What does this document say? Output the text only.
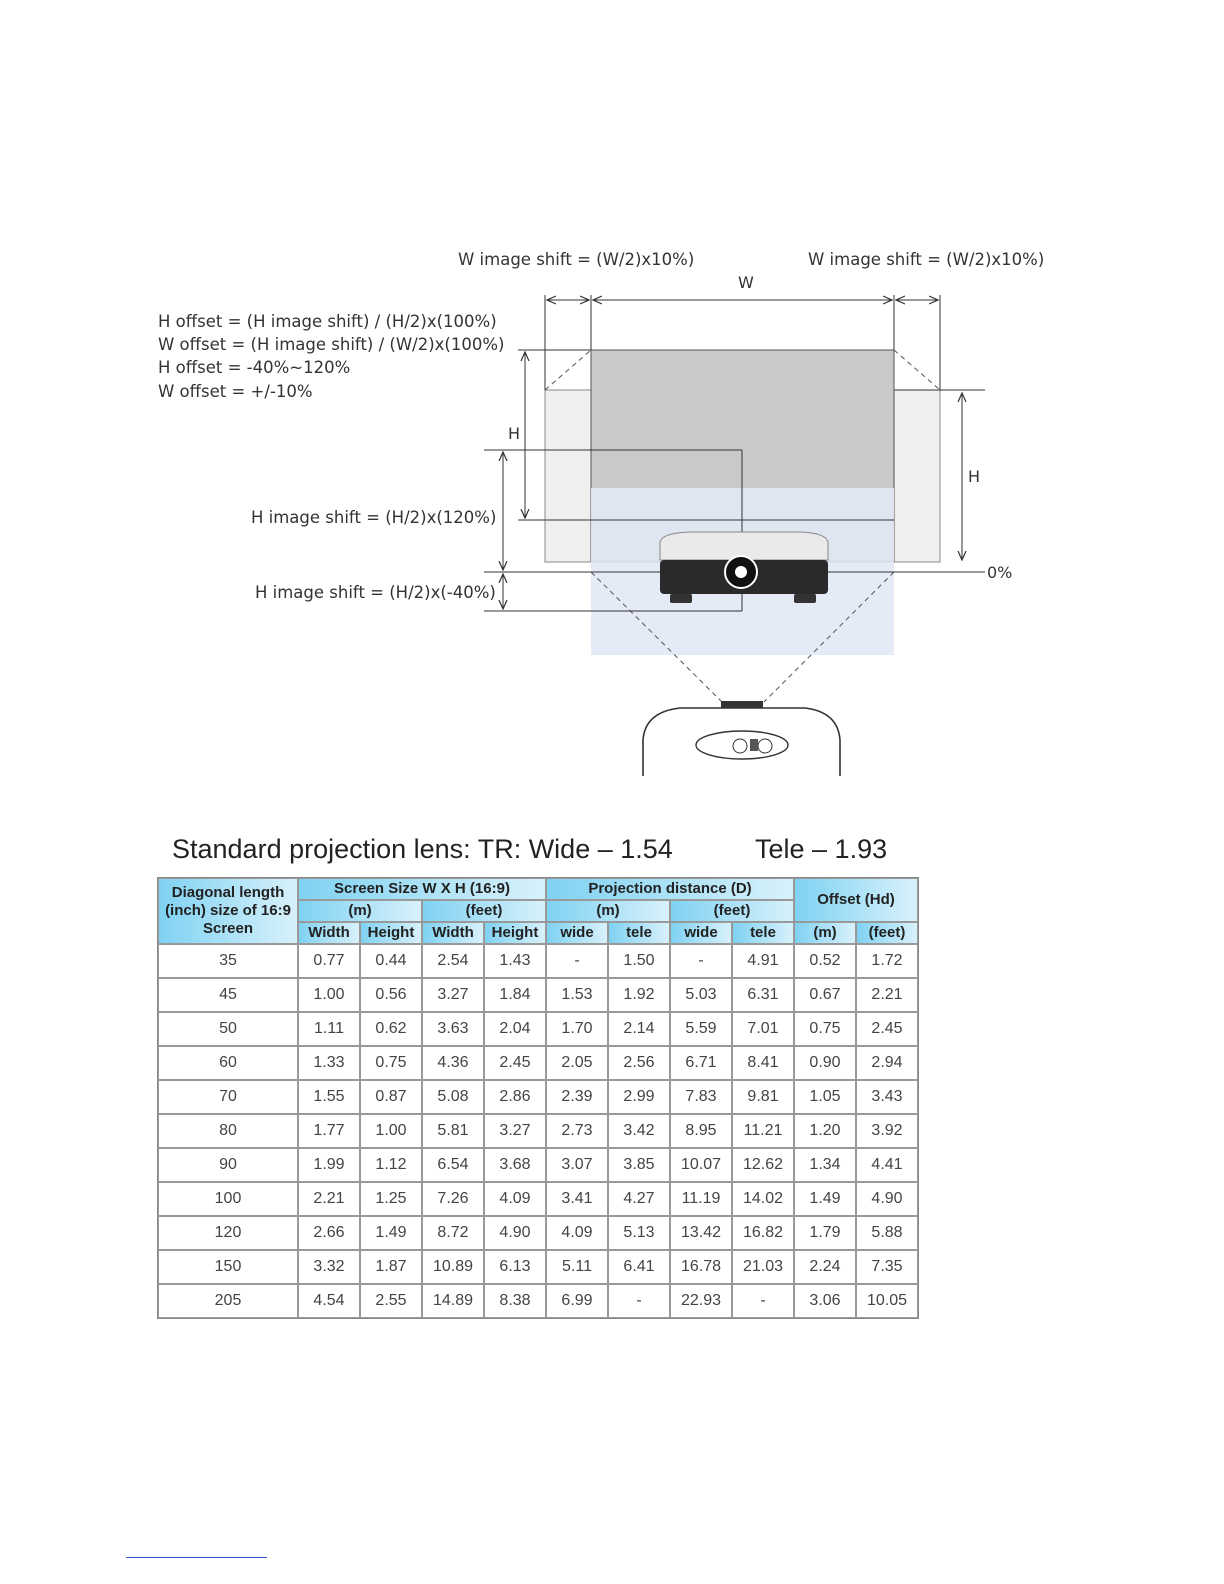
W image shift = (W/2)x10%)	W image shift = (W/2)x10%)
W
H offset = (H image shift) / (H/2)x(100%)
W offset = (H image shift) / (W/2)x(100%)
H offset = -40%~120%
W offset = +/-10%
H
H
H image shift = (H/2)x(120%)
H image shift = (H/2)x(-40%)
0%
Standard projection lens: TR: Wide – 1.54	Tele – 1.93
Diagonal length (inch) size of 16:9 Screen	Screen Size W X H (16:9)				Projection distance (D)				Offset (Hd)	
	(m)		(feet)		(m)		(feet)			
	Width	Height	Width	Height	wide	tele	wide	tele	(m)	(feet)
35	0.77	0.44	2.54	1.43	-	1.50	-	4.91	0.52	1.72
45	1.00	0.56	3.27	1.84	1.53	1.92	5.03	6.31	0.67	2.21
50	1.11	0.62	3.63	2.04	1.70	2.14	5.59	7.01	0.75	2.45
60	1.33	0.75	4.36	2.45	2.05	2.56	6.71	8.41	0.90	2.94
70	1.55	0.87	5.08	2.86	2.39	2.99	7.83	9.81	1.05	3.43
80	1.77	1.00	5.81	3.27	2.73	3.42	8.95	11.21	1.20	3.92
90	1.99	1.12	6.54	3.68	3.07	3.85	10.07	12.62	1.34	4.41
100	2.21	1.25	7.26	4.09	3.41	4.27	11.19	14.02	1.49	4.90
120	2.66	1.49	8.72	4.90	4.09	5.13	13.42	16.82	1.79	5.88
150	3.32	1.87	10.89	6.13	5.11	6.41	16.78	21.03	2.24	7.35
205	4.54	2.55	14.89	8.38	6.99	-	22.93	-	3.06	10.05
